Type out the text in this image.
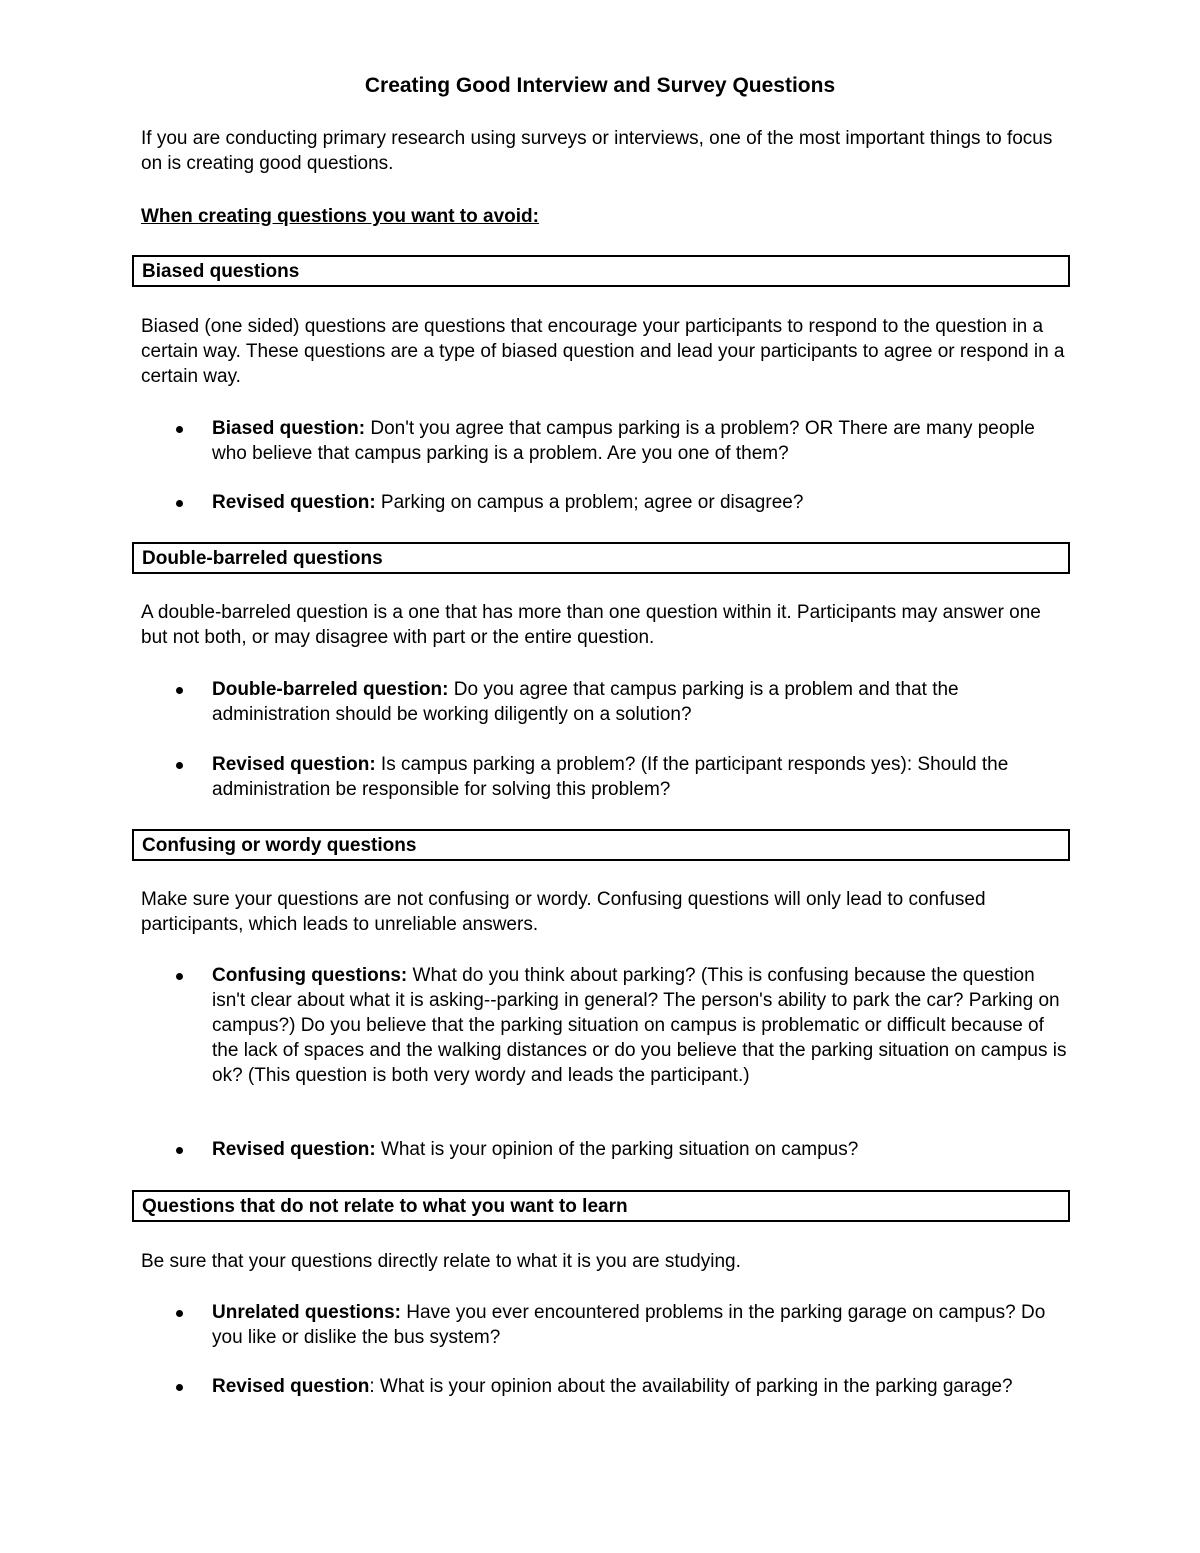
Creating Good Interview and Survey Questions

If you are conducting primary research using surveys or interviews, one of the most important things to focus on is creating good questions.

When creating questions you want to avoid:
Biased questions

Biased (one sided) questions are questions that encourage your participants to respond to the question in a certain way. These questions are a type of biased question and lead your participants to agree or respond in a certain way.

Biased question: Don't you agree that campus parking is a problem? OR There are many people who believe that campus parking is a problem. Are you one of them?
Revised question: Parking on campus a problem; agree or disagree?
Double-barreled questions

A double-barreled question is a one that has more than one question within it. Participants may answer one but not both, or may disagree with part or the entire question.

Double-barreled question: Do you agree that campus parking is a problem and that the administration should be working diligently on a solution?
Revised question: Is campus parking a problem? (If the participant responds yes): Should the administration be responsible for solving this problem?
Confusing or wordy questions

Make sure your questions are not confusing or wordy. Confusing questions will only lead to confused participants, which leads to unreliable answers.

Confusing questions: What do you think about parking? (This is confusing because the question isn't clear about what it is asking--parking in general? The person's ability to park the car? Parking on campus?) Do you believe that the parking situation on campus is problematic or difficult because of the lack of spaces and the walking distances or do you believe that the parking situation on campus is ok? (This question is both very wordy and leads the participant.)
Revised question: What is your opinion of the parking situation on campus?
Questions that do not relate to what you want to learn

Be sure that your questions directly relate to what it is you are studying.

Unrelated questions: Have you ever encountered problems in the parking garage on campus? Do you like or dislike the bus system?
Revised question: What is your opinion about the availability of parking in the parking garage?
